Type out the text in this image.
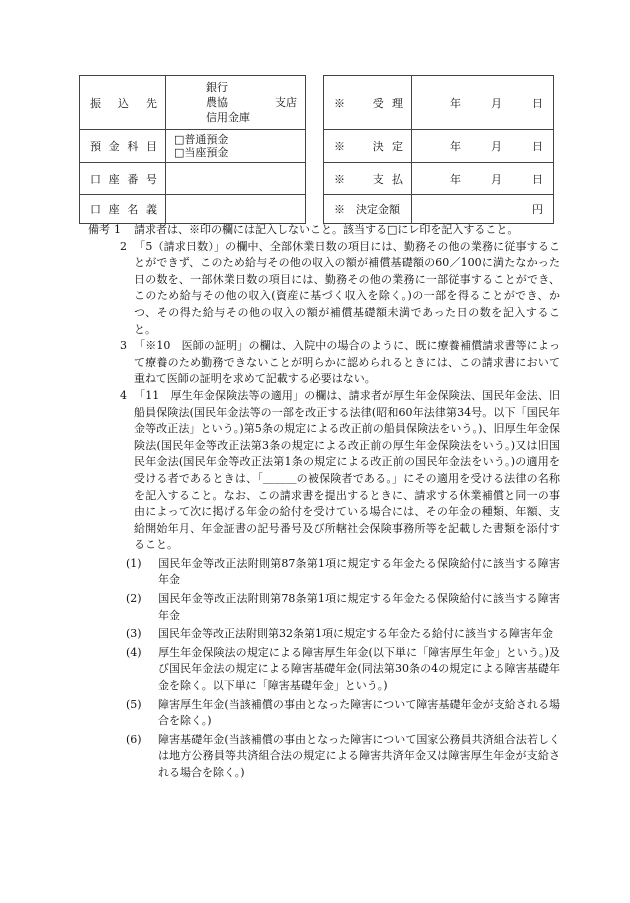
振込先	銀行
農協 支店
信用金庫

預金科目	□普通預金
□当座預金

口座番号	
口座名義	
※　 受理	年 月 日

※　 決定	年 月 日

※　 支払	年 月 日

※　 決定金額	円

備考 1	請求者は、※印の欄には記入しないこと。該当する□にレ印を記入すること。

2 「5（請求日数）」の欄中、全部休業日数の項目には、勤務その他の業務に従事することができず、このため給与その他の収入の額が補償基礎額の60／100に満たなかった日の数を、一部休業日数の項目には、勤務その他の業務に一部従事することができ、このため給与その他の収入(資産に基づく収入を除く。)の一部を得ることができ、かつ、その得た給与その他の収入の額が補償基礎額未満であった日の数を記入すること。

3 「※10　医師の証明」の欄は、入院中の場合のように、既に療養補償請求書等によって療養のため勤務できないことが明らかに認められるときには、この請求書において重ねて医師の証明を求めて記載する必要はない。

4 「11　厚生年金保険法等の適用」の欄は、請求者が厚生年金保険法、国民年金法、旧船員保険法(国民年金法等の一部を改正する法律(昭和60年法律第34号。以下「国民年金等改正法」という。)第5条の規定による改正前の船員保険法をいう。)、旧厚生年金保険法(国民年金等改正法第3条の規定による改正前の厚生年金保険法をいう。)又は旧国民年金法(国民年金等改正法第1条の規定による改正前の国民年金法をいう。)の適用を受ける者であるときは、「＿＿＿の被保険者である。」にその適用を受ける法律の名称を記入すること。なお、この請求書を提出するときに、請求する休業補償と同一の事由によって次に掲げる年金の給付を受けている場合には、その年金の種類、年額、支給開始年月、年金証書の記号番号及び所轄社会保険事務所等を記載した書類を添付すること。

(1) 国民年金等改正法附則第87条第1項に規定する年金たる保険給付に該当する障害年金

(2) 国民年金等改正法附則第78条第1項に規定する年金たる保険給付に該当する障害年金

(3) 国民年金等改正法附則第32条第1項に規定する年金たる給付に該当する障害年金

(4) 厚生年金保険法の規定による障害厚生年金(以下単に「障害厚生年金」という。)及び国民年金法の規定による障害基礎年金(同法第30条の4の規定による障害基礎年金を除く。以下単に「障害基礎年金」という。)

(5) 障害厚生年金(当該補償の事由となった障害について障害基礎年金が支給される場合を除く。)

(6) 障害基礎年金(当該補償の事由となった障害について国家公務員共済組合法若しくは地方公務員等共済組合法の規定による障害共済年金又は障害厚生年金が支給される場合を除く。)
